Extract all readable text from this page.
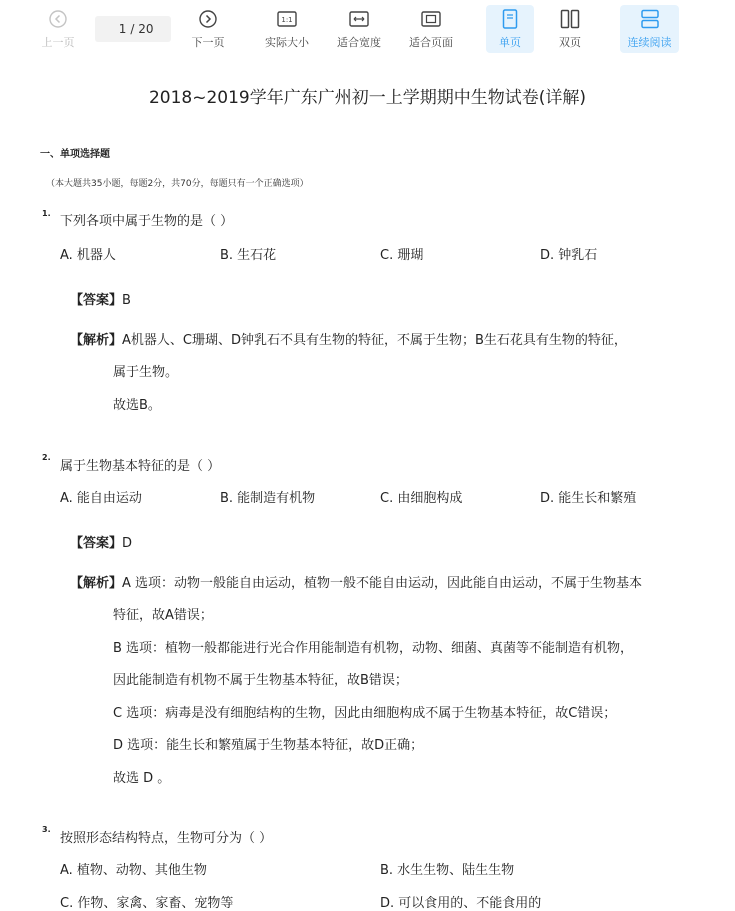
上一页
1
/ 20
下一页
1:1
实际大小	适合宽度	适合页面	单页	双页	连续阅读
2018~2019学年广东广州初一上学期期中生物试卷(详解)
一、单项选择题
（本大题共35小题，每题2分，共70分，每题只有一个正确选项）
1.
下列各项中属于生物的是（ ）
A. 机器人	B. 生石花	C. 珊瑚	D. 钟乳石
【答案】B
【解析】A机器人、C珊瑚、D钟乳石不具有生物的特征，不属于生物；B生石花具有生物的特征，
属于生物。
故选B。
2.
属于生物基本特征的是（ ）
A. 能自由运动	B. 能制造有机物	C. 由细胞构成	D. 能生长和繁殖
【答案】D
【解析】A 选项：动物一般能自由运动，植物一般不能自由运动，因此能自由运动，不属于生物基本
特征，故A错误；
B 选项：植物一般都能进行光合作用能制造有机物，动物、细菌、真菌等不能制造有机物，
因此能制造有机物不属于生物基本特征，故B错误；
C 选项：病毒是没有细胞结构的生物，因此由细胞构成不属于生物基本特征，故C错误；
D 选项：能生长和繁殖属于生物基本特征，故D正确；
故选 D 。
3.
按照形态结构特点，生物可分为（ ）
A. 植物、动物、其他生物	B. 水生生物、陆生生物
C. 作物、家禽、家畜、宠物等	D. 可以食用的、不能食用的
